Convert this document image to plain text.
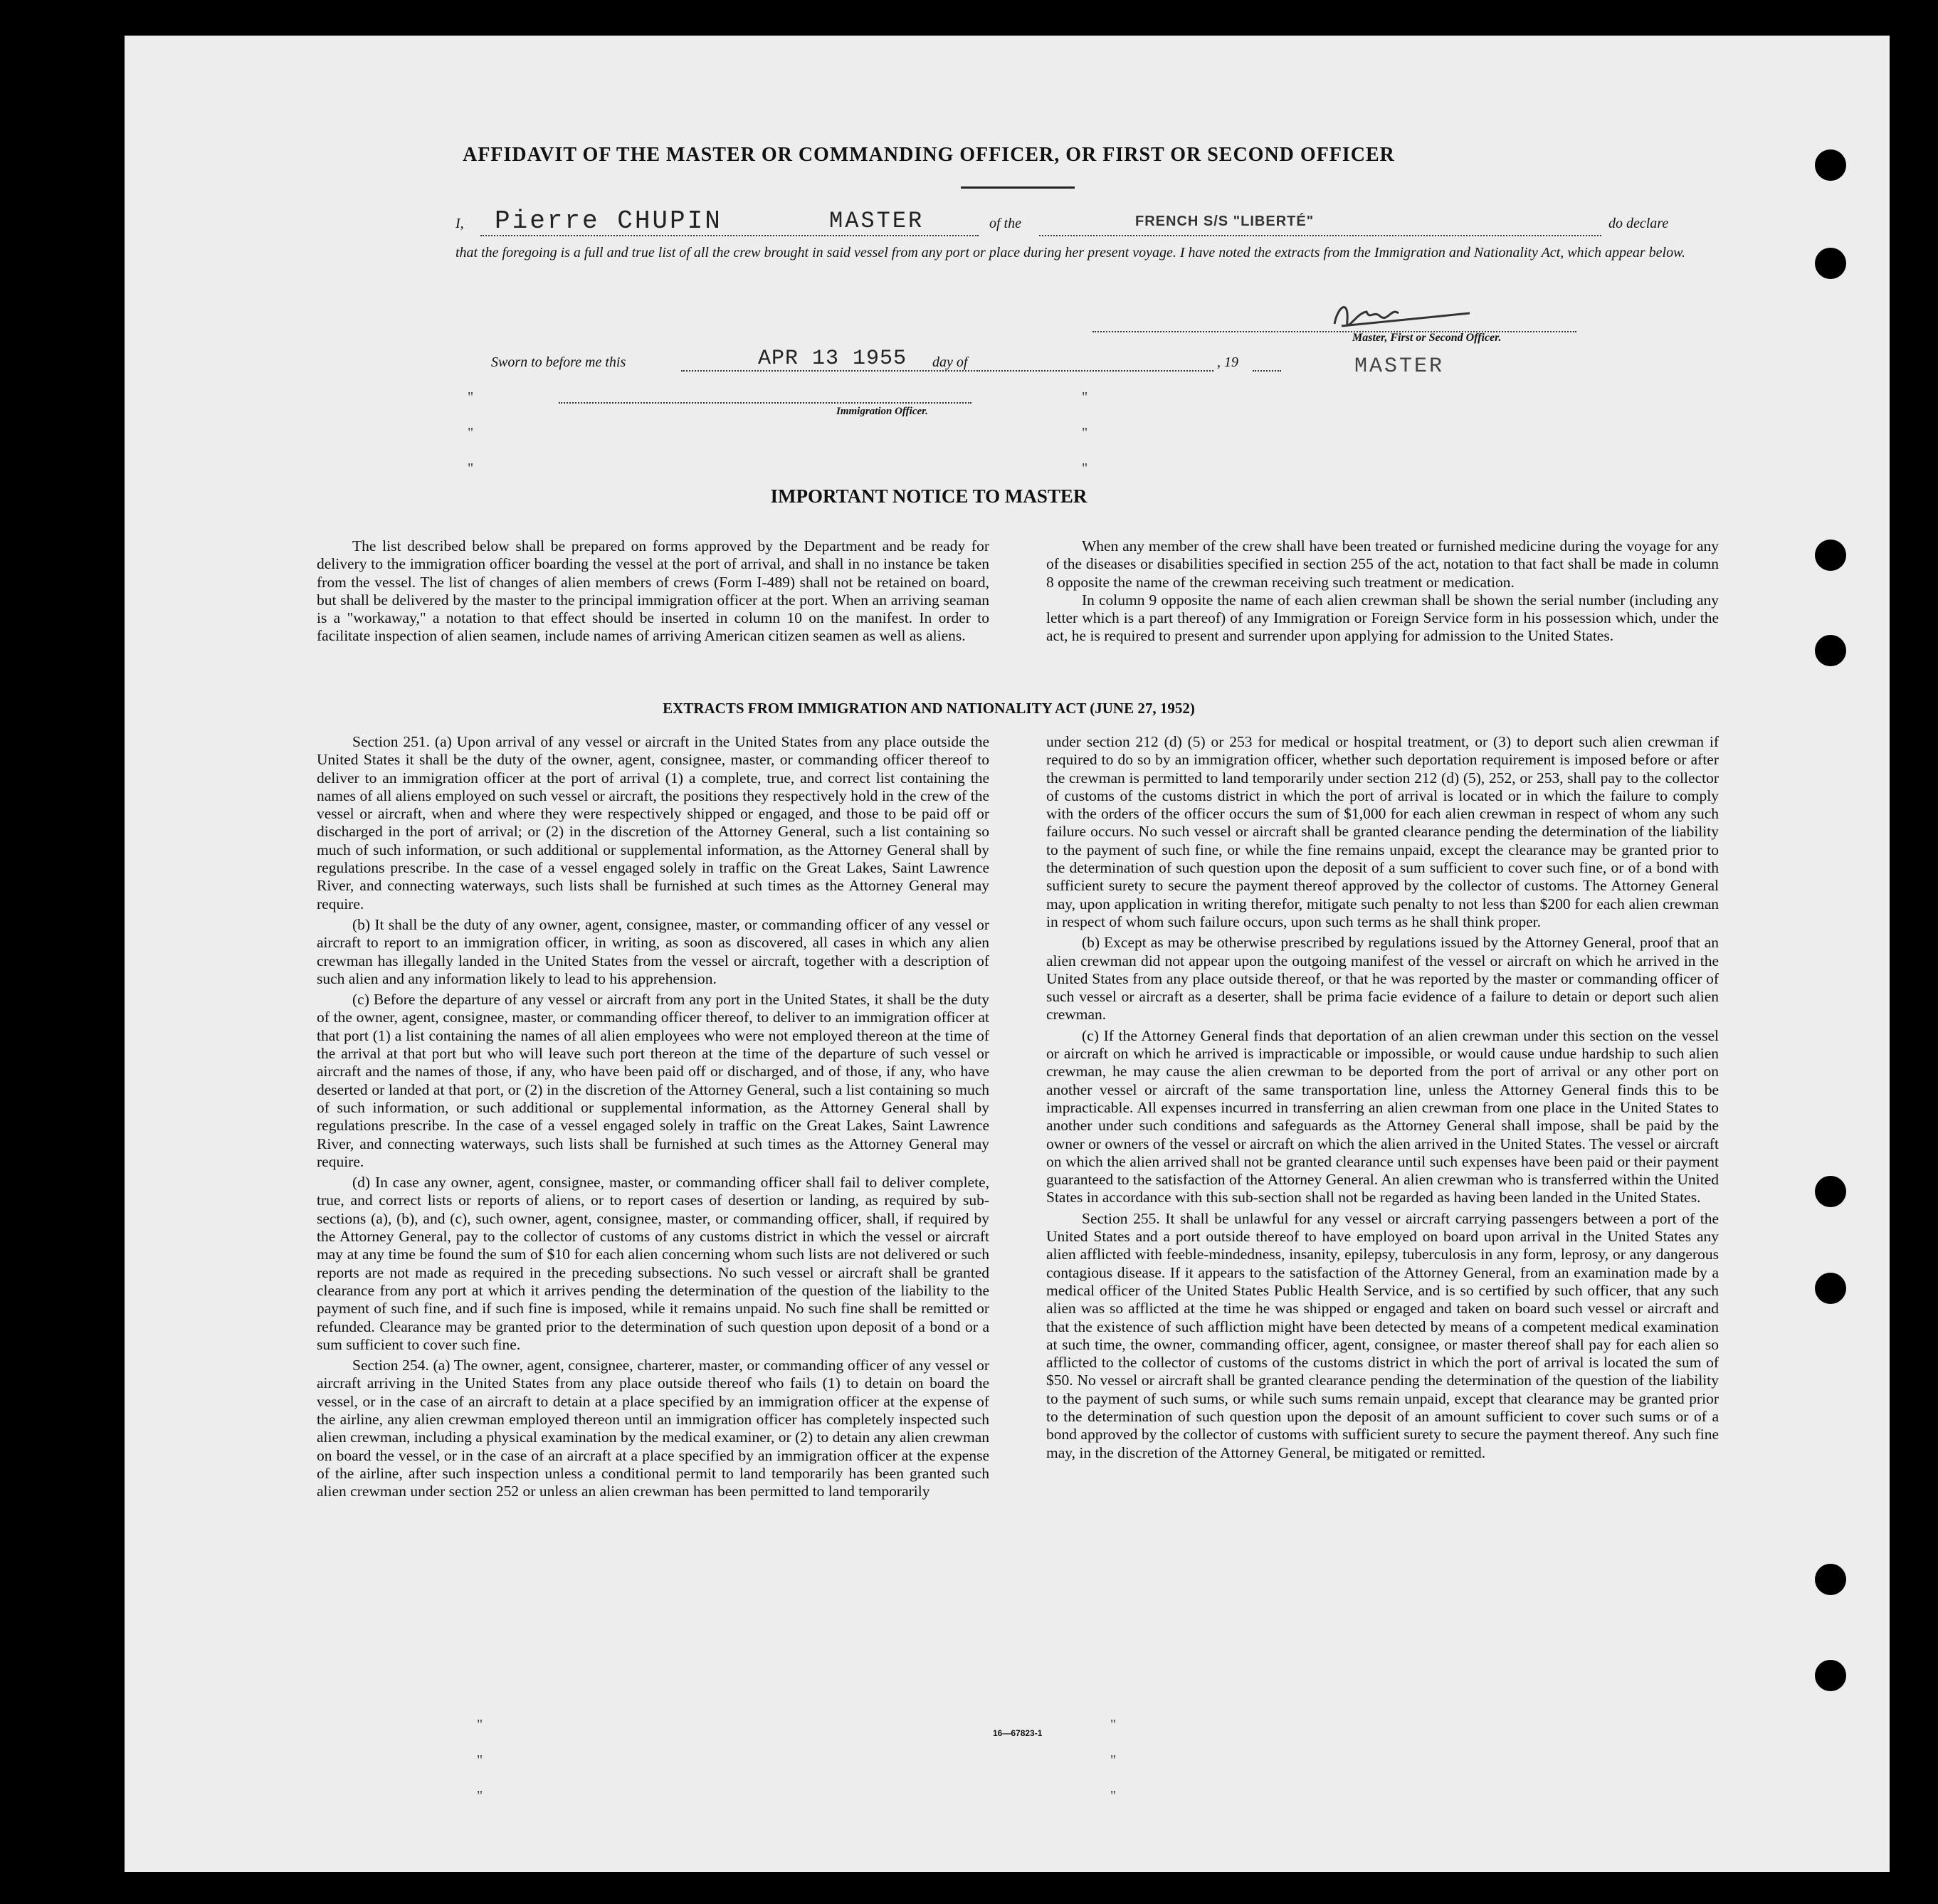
AFFIDAVIT OF THE MASTER OR COMMANDING OFFICER, OR FIRST OR SECOND OFFICER
I, Pierre CHUPIN	MASTER	of the	FRENCH S/S "LIBERTÉ"	do declare
that the foregoing is a full and true list of all the crew brought in said vessel from any port or place during her present voyage. I have noted the extracts from the Immigration and Nationality Act, which appear below.
Master, First or Second Officer.
MASTER
Sworn to before me this	APR 13 1955 day of	, 19
Immigration Officer.
"
"
"
"
"
"
IMPORTANT NOTICE TO MASTER

The list described below shall be prepared on forms approved by the Department and be ready for delivery to the immigration officer boarding the vessel at the port of arrival, and shall in no instance be taken from the vessel. The list of changes of alien members of crews (Form I-489) shall not be retained on board, but shall be delivered by the master to the principal immigration officer at the port. When an arriving seaman is a "workaway," a notation to that effect should be inserted in column 10 on the manifest. In order to facilitate inspection of alien seamen, include names of arriving American citizen seamen as well as aliens.

When any member of the crew shall have been treated or furnished medicine during the voyage for any of the diseases or disabilities specified in section 255 of the act, notation to that fact shall be made in column 8 opposite the name of the crewman receiving such treatment or medication.

In column 9 opposite the name of each alien crewman shall be shown the serial number (including any letter which is a part thereof) of any Immigration or Foreign Service form in his possession which, under the act, he is required to present and surrender upon applying for admission to the United States.

EXTRACTS FROM IMMIGRATION AND NATIONALITY ACT (JUNE 27, 1952)

Section 251. (a) Upon arrival of any vessel or aircraft in the United States from any place outside the United States it shall be the duty of the owner, agent, consignee, master, or commanding officer thereof to deliver to an immigration officer at the port of arrival (1) a complete, true, and correct list containing the names of all aliens employed on such vessel or aircraft, the positions they respectively hold in the crew of the vessel or aircraft, when and where they were respectively shipped or engaged, and those to be paid off or discharged in the port of arrival; or (2) in the discretion of the Attorney General, such a list containing so much of such information, or such additional or supplemental information, as the Attorney General shall by regulations prescribe. In the case of a vessel engaged solely in traffic on the Great Lakes, Saint Lawrence River, and connecting waterways, such lists shall be furnished at such times as the Attorney General may require.

(b) It shall be the duty of any owner, agent, consignee, master, or commanding officer of any vessel or aircraft to report to an immigration officer, in writing, as soon as discovered, all cases in which any alien crewman has illegally landed in the United States from the vessel or aircraft, together with a description of such alien and any information likely to lead to his apprehension.

(c) Before the departure of any vessel or aircraft from any port in the United States, it shall be the duty of the owner, agent, consignee, master, or commanding officer thereof, to deliver to an immigration officer at that port (1) a list containing the names of all alien employees who were not employed thereon at the time of the arrival at that port but who will leave such port thereon at the time of the departure of such vessel or aircraft and the names of those, if any, who have been paid off or discharged, and of those, if any, who have deserted or landed at that port, or (2) in the discretion of the Attorney General, such a list containing so much of such information, or such additional or supplemental information, as the Attorney General shall by regulations prescribe. In the case of a vessel engaged solely in traffic on the Great Lakes, Saint Lawrence River, and connecting waterways, such lists shall be furnished at such times as the Attorney General may require.

(d) In case any owner, agent, consignee, master, or commanding officer shall fail to deliver complete, true, and correct lists or reports of aliens, or to report cases of desertion or landing, as required by sub-sections (a), (b), and (c), such owner, agent, consignee, master, or commanding officer, shall, if required by the Attorney General, pay to the collector of customs of any customs district in which the vessel or aircraft may at any time be found the sum of $10 for each alien concerning whom such lists are not delivered or such reports are not made as required in the preceding subsections. No such vessel or aircraft shall be granted clearance from any port at which it arrives pending the determination of the question of the liability to the payment of such fine, and if such fine is imposed, while it remains unpaid. No such fine shall be remitted or refunded. Clearance may be granted prior to the determination of such question upon deposit of a bond or a sum sufficient to cover such fine.

Section 254. (a) The owner, agent, consignee, charterer, master, or commanding officer of any vessel or aircraft arriving in the United States from any place outside thereof who fails (1) to detain on board the vessel, or in the case of an aircraft to detain at a place specified by an immigration officer at the expense of the airline, any alien crewman employed thereon until an immigration officer has completely inspected such alien crewman, including a physical examination by the medical examiner, or (2) to detain any alien crewman on board the vessel, or in the case of an aircraft at a place specified by an immigration officer at the expense of the airline, after such inspection unless a conditional permit to land temporarily has been granted such alien crewman under section 252 or unless an alien crewman has been permitted to land temporarily

under section 212 (d) (5) or 253 for medical or hospital treatment, or (3) to deport such alien crewman if required to do so by an immigration officer, whether such deportation requirement is imposed before or after the crewman is permitted to land temporarily under section 212 (d) (5), 252, or 253, shall pay to the collector of customs of the customs district in which the port of arrival is located or in which the failure to comply with the orders of the officer occurs the sum of $1,000 for each alien crewman in respect of whom any such failure occurs. No such vessel or aircraft shall be granted clearance pending the determination of the liability to the payment of such fine, or while the fine remains unpaid, except the clearance may be granted prior to the determination of such question upon the deposit of a sum sufficient to cover such fine, or of a bond with sufficient surety to secure the payment thereof approved by the collector of customs. The Attorney General may, upon application in writing therefor, mitigate such penalty to not less than $200 for each alien crewman in respect of whom such failure occurs, upon such terms as he shall think proper.

(b) Except as may be otherwise prescribed by regulations issued by the Attorney General, proof that an alien crewman did not appear upon the outgoing manifest of the vessel or aircraft on which he arrived in the United States from any place outside thereof, or that he was reported by the master or commanding officer of such vessel or aircraft as a deserter, shall be prima facie evidence of a failure to detain or deport such alien crewman.

(c) If the Attorney General finds that deportation of an alien crewman under this section on the vessel or aircraft on which he arrived is impracticable or impossible, or would cause undue hardship to such alien crewman, he may cause the alien crewman to be deported from the port of arrival or any other port on another vessel or aircraft of the same transportation line, unless the Attorney General finds this to be impracticable. All expenses incurred in transferring an alien crewman from one place in the United States to another under such conditions and safeguards as the Attorney General shall impose, shall be paid by the owner or owners of the vessel or aircraft on which the alien arrived in the United States. The vessel or aircraft on which the alien arrived shall not be granted clearance until such expenses have been paid or their payment guaranteed to the satisfaction of the Attorney General. An alien crewman who is transferred within the United States in accordance with this sub-section shall not be regarded as having been landed in the United States.

Section 255. It shall be unlawful for any vessel or aircraft carrying passengers between a port of the United States and a port outside thereof to have employed on board upon arrival in the United States any alien afflicted with feeble-mindedness, insanity, epilepsy, tuberculosis in any form, leprosy, or any dangerous contagious disease. If it appears to the satisfaction of the Attorney General, from an examination made by a medical officer of the United States Public Health Service, and is so certified by such officer, that any such alien was so afflicted at the time he was shipped or engaged and taken on board such vessel or aircraft and that the existence of such affliction might have been detected by means of a competent medical examination at such time, the owner, commanding officer, agent, consignee, or master thereof shall pay for each alien so afflicted to the collector of customs of the customs district in which the port of arrival is located the sum of $50. No vessel or aircraft shall be granted clearance pending the determination of the question of the liability to the payment of such sums, or while such sums remain unpaid, except that clearance may be granted prior to the determination of such question upon the deposit of an amount sufficient to cover such sums or of a bond approved by the collector of customs with sufficient surety to secure the payment thereof. Any such fine may, in the discretion of the Attorney General, be mitigated or remitted.

"
"
"
"
"
"
16—67823-1
